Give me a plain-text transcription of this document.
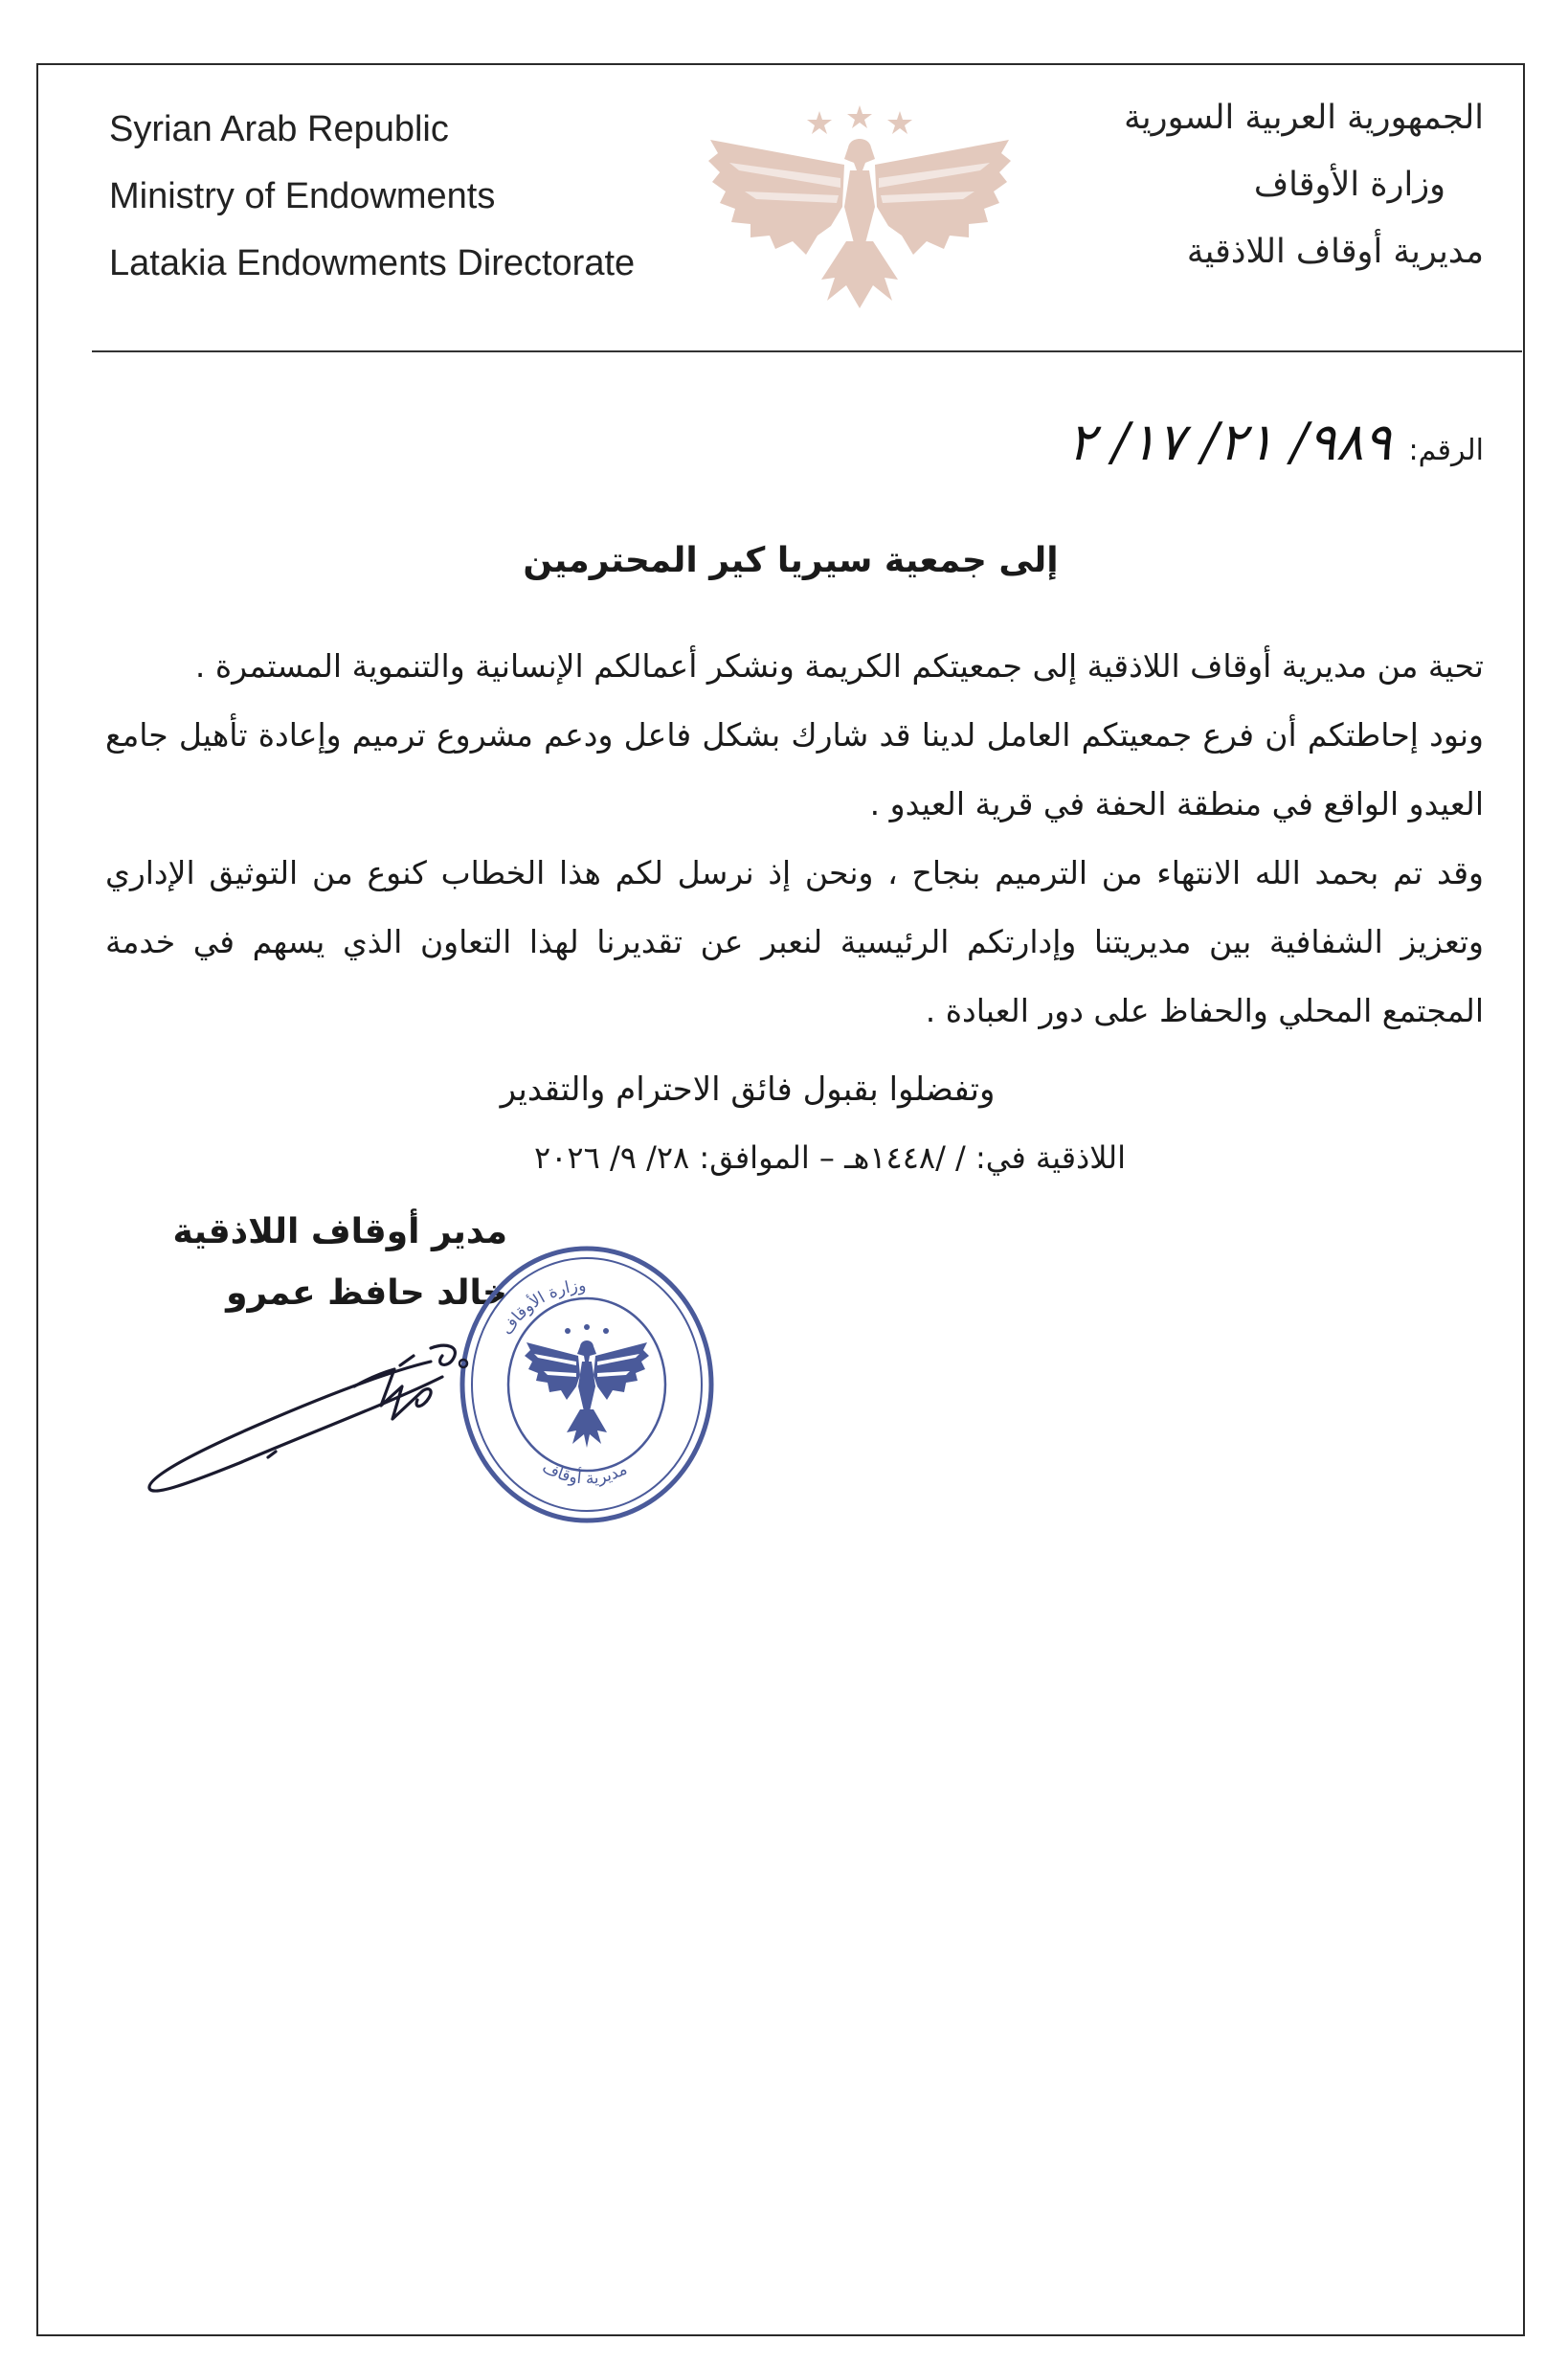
Syrian Arab Republic
Ministry of Endowments
Latakia Endowments Directorate
الجمهورية العربية السورية
وزارة الأوقاف
مديرية أوقاف اللاذقية
الرقم:
٩٨٩/ ٢١/ ١٧/ ٢
إلى جمعية سيريا كير المحترمين

تحية من مديرية أوقاف اللاذقية إلى جمعيتكم الكريمة ونشكر أعمالكم الإنسانية والتنموية المستمرة .

ونود إحاطتكم أن فرع جمعيتكم العامل لدينا قد شارك بشكل فاعل ودعم مشروع ترميم وإعادة تأهيل جامع العيدو الواقع في منطقة الحفة في قرية العيدو .

وقد تم بحمد الله الانتهاء من الترميم بنجاح ، ونحن إذ نرسل لكم هذا الخطاب كنوع من التوثيق الإداري وتعزيز الشفافية بين مديريتنا وإدارتكم الرئيسية لنعبر عن تقديرنا لهذا التعاون الذي يسهم في خدمة المجتمع المحلي والحفاظ على دور العبادة .

وتفضلوا بقبول فائق الاحترام والتقدير
اللاذقية في: / /١٤٤٨هـ – الموافق: ٢٨/ ٩/ ٢٠٢٦
مدير أوقاف اللاذقية
خالد حافظ عمرو
وزارة الأوقاف
مديرية أوقاف
